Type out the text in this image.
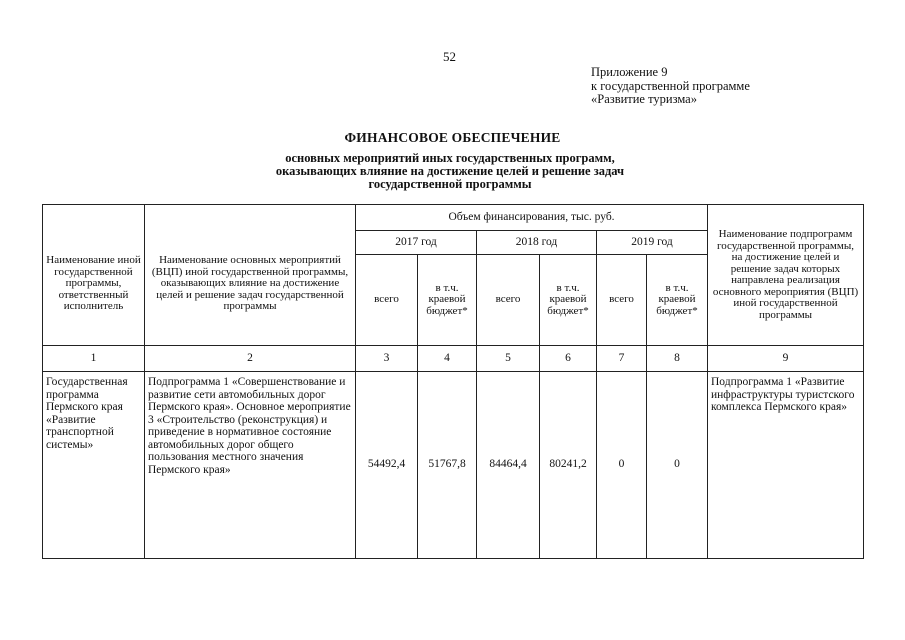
52
Приложение 9
к государственной программе
«Развитие туризма»
ФИНАНСОВОЕ ОБЕСПЕЧЕНИЕ
основных мероприятий иных государственных программ,
оказывающих влияние на достижение целей и решение задач
государственной программы
Наименование иной государственной программы, ответственный исполнитель	Наименование основных мероприятий (ВЦП) иной государственной программы, оказывающих влияние на достижение целей и решение задач государственной программы	Объем финансирования, тыс. руб.						Наименование подпрограмм государственной программы, на достижение целей и решение задач которых направлена реализация основного мероприятия (ВЦП) иной государственной программы
		2017 год		2018 год		2019 год		
		всего	в т.ч. краевой бюджет*	всего	в т.ч. краевой бюджет*	всего	в т.ч. краевой бюджет*	
1	2	3	4	5	6	7	8	9
Государственная программа Пермского края «Развитие транспортной системы»	Подпрограмма 1 «Совершенствование и развитие сети автомобильных дорог Пермского края». Основное мероприятие 3 «Строительство (реконструкция) и приведение в нормативное состояние автомобильных дорог общего пользования местного значения Пермского края»	54492,4	51767,8	84464,4	80241,2	0	0	Подпрограмма 1 «Развитие инфраструктуры туристского комплекса Пермского края»
